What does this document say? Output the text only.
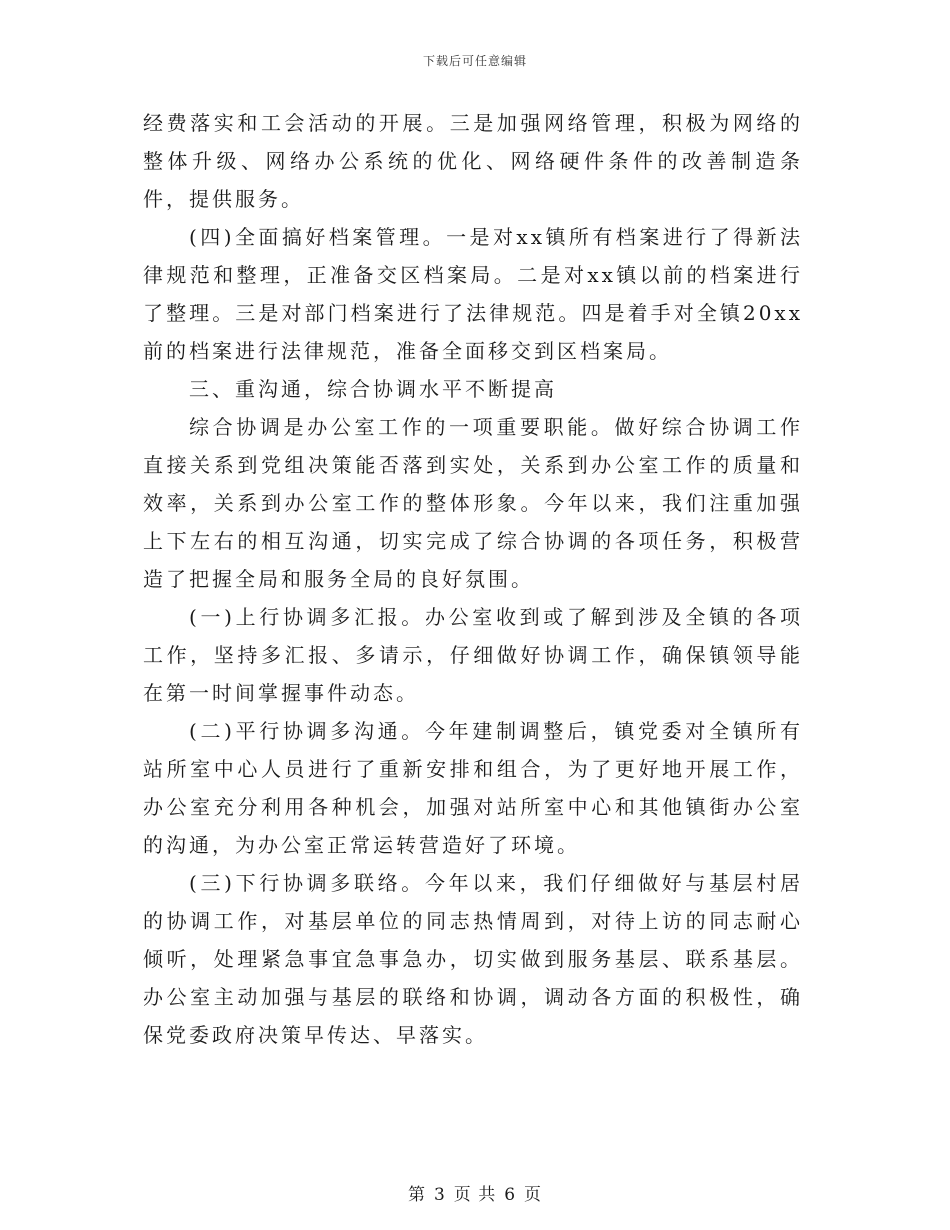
下载后可任意编辑

经费落实和工会活动的开展。三是加强网络管理，积极为网络的整体升级、网络办公系统的优化、网络硬件条件的改善制造条件，提供服务。

(四)全面搞好档案管理。一是对xx镇所有档案进行了得新法律规范和整理，正准备交区档案局。二是对xx镇以前的档案进行了整理。三是对部门档案进行了法律规范。四是着手对全镇20xx前的档案进行法律规范，准备全面移交到区档案局。

三、重沟通，综合协调水平不断提高

综合协调是办公室工作的一项重要职能。做好综合协调工作直接关系到党组决策能否落到实处，关系到办公室工作的质量和效率，关系到办公室工作的整体形象。今年以来，我们注重加强上下左右的相互沟通，切实完成了综合协调的各项任务，积极营造了把握全局和服务全局的良好氛围。

(一)上行协调多汇报。办公室收到或了解到涉及全镇的各项工作，坚持多汇报、多请示，仔细做好协调工作，确保镇领导能在第一时间掌握事件动态。

(二)平行协调多沟通。今年建制调整后，镇党委对全镇所有站所室中心人员进行了重新安排和组合，为了更好地开展工作，办公室充分利用各种机会，加强对站所室中心和其他镇街办公室的沟通，为办公室正常运转营造好了环境。

(三)下行协调多联络。今年以来，我们仔细做好与基层村居的协调工作，对基层单位的同志热情周到，对待上访的同志耐心倾听，处理紧急事宜急事急办，切实做到服务基层、联系基层。办公室主动加强与基层的联络和协调，调动各方面的积极性，确保党委政府决策早传达、早落实。

第 3 页 共 6 页
